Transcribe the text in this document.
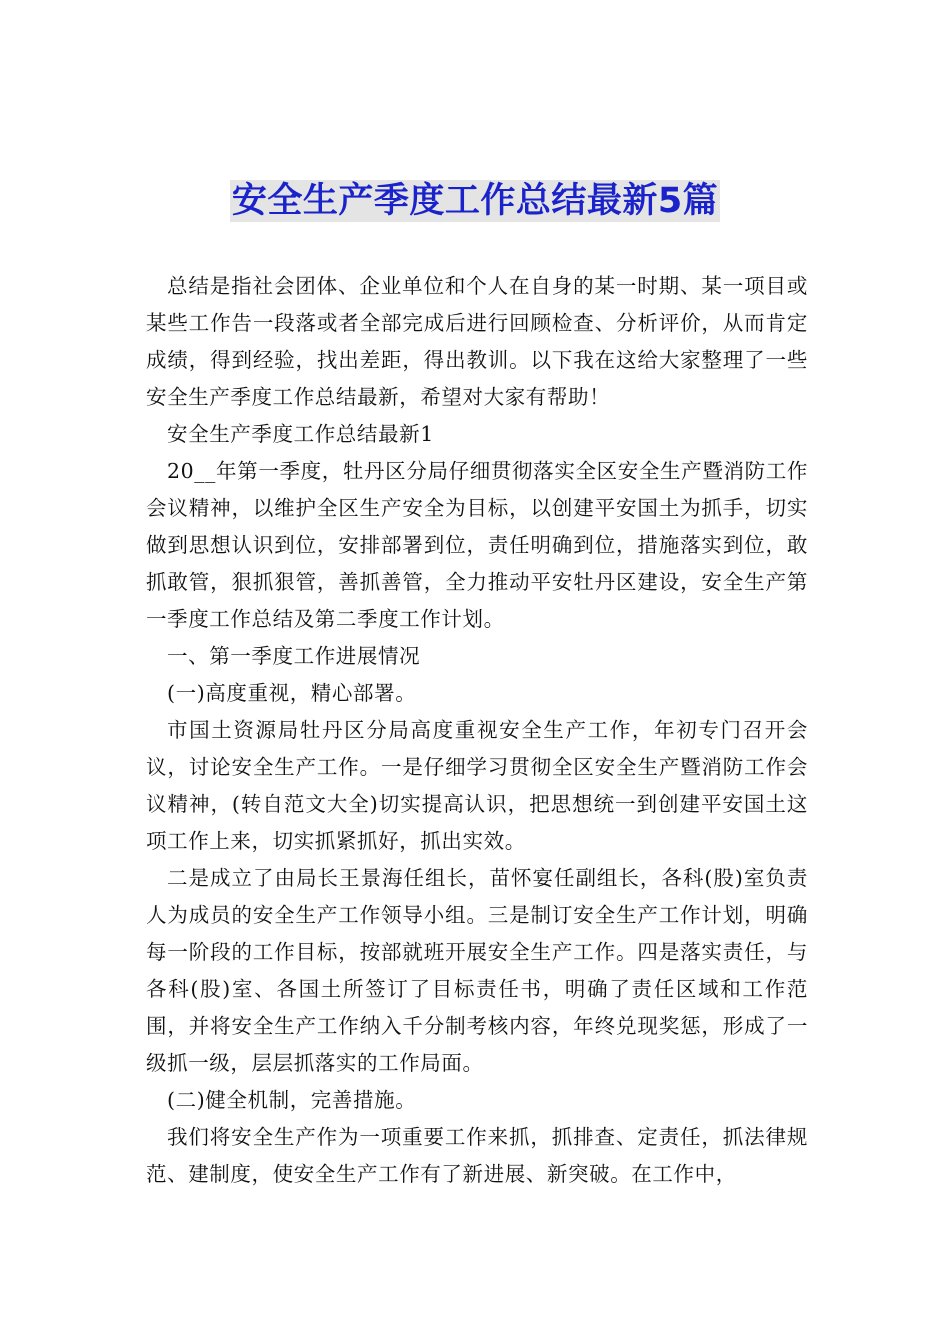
安全生产季度工作总结最新5篇

总结是指社会团体、企业单位和个人在自身的某一时期、某一项目或某些工作告一段落或者全部完成后进行回顾检查、分析评价，从而肯定成绩，得到经验，找出差距，得出教训。以下我在这给大家整理了一些安全生产季度工作总结最新，希望对大家有帮助！

安全生产季度工作总结最新1

20__年第一季度，牡丹区分局仔细贯彻落实全区安全生产暨消防工作会议精神，以维护全区生产安全为目标，以创建平安国土为抓手，切实做到思想认识到位，安排部署到位，责任明确到位，措施落实到位，敢抓敢管，狠抓狠管，善抓善管，全力推动平安牡丹区建设，安全生产第一季度工作总结及第二季度工作计划。

一、第一季度工作进展情况

(一)高度重视，精心部署。

市国土资源局牡丹区分局高度重视安全生产工作，年初专门召开会议，讨论安全生产工作。一是仔细学习贯彻全区安全生产暨消防工作会议精神，(转自范文大全)切实提高认识，把思想统一到创建平安国土这项工作上来，切实抓紧抓好，抓出实效。

二是成立了由局长王景海任组长，苗怀宴任副组长，各科(股)室负责人为成员的安全生产工作领导小组。三是制订安全生产工作计划，明确每一阶段的工作目标，按部就班开展安全生产工作。四是落实责任，与各科(股)室、各国土所签订了目标责任书，明确了责任区域和工作范围，并将安全生产工作纳入千分制考核内容，年终兑现奖惩，形成了一级抓一级，层层抓落实的工作局面。

(二)健全机制，完善措施。

我们将安全生产作为一项重要工作来抓，抓排查、定责任，抓法律规范、建制度，使安全生产工作有了新进展、新突破。在工作中，
